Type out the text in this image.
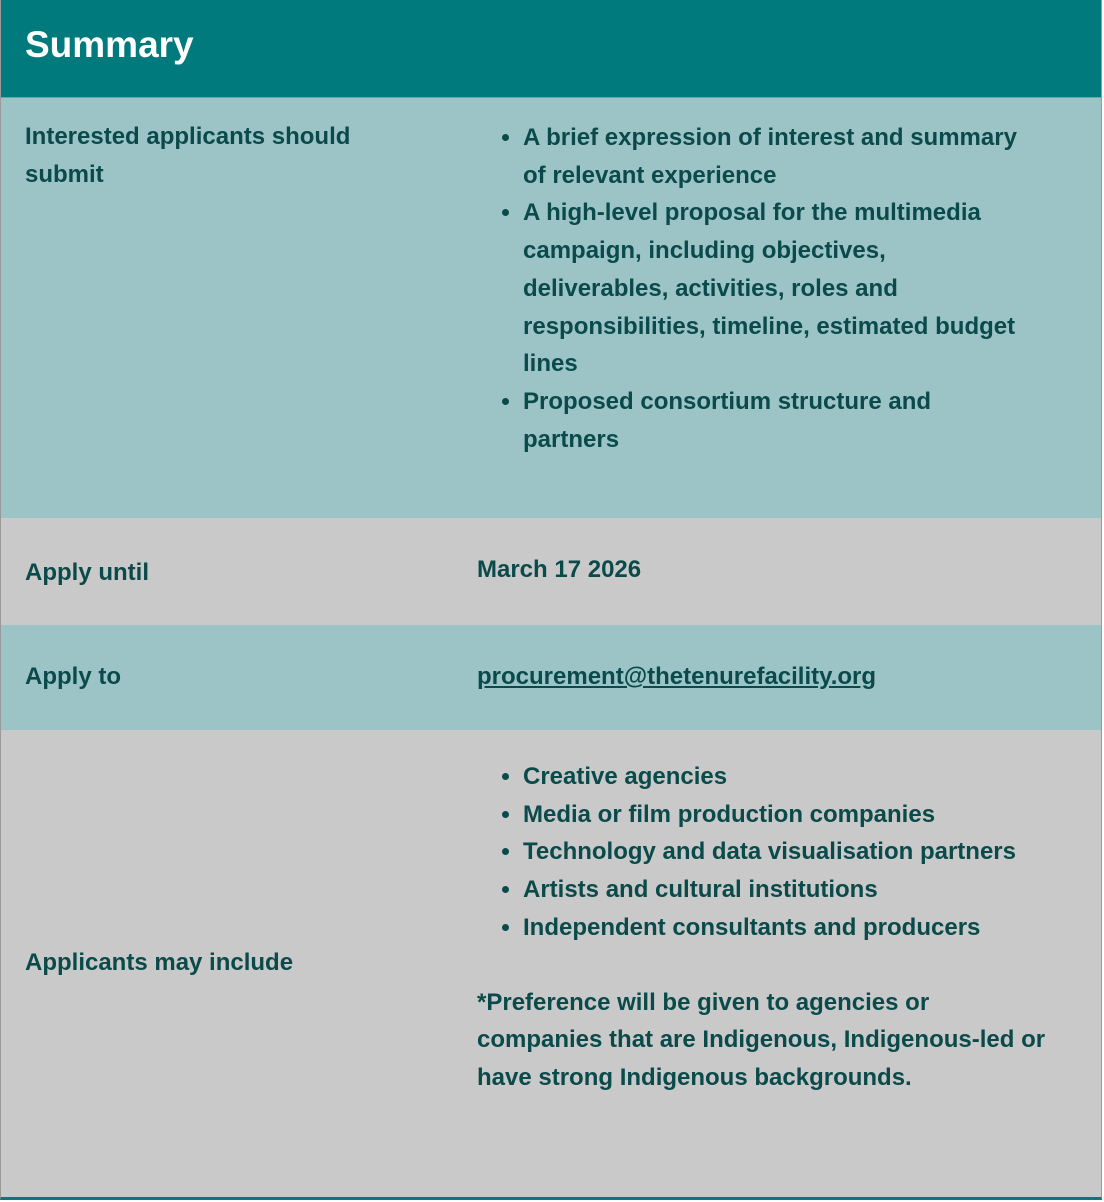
Summary
Interested applicants should submit
• A brief expression of interest and summary of relevant experience
• A high-level proposal for the multimedia campaign, including objectives, deliverables, activities, roles and responsibilities, timeline, estimated budget lines
• Proposed consortium structure and partners
Apply until	March 17 2026
Apply to	procurement@thetenurefacility.org
Applicants may include
• Creative agencies
• Media or film production companies
• Technology and data visualisation partners
• Artists and cultural institutions
• Independent consultants and producers
*Preference will be given to agencies or companies that are Indigenous, Indigenous-led or have strong Indigenous backgrounds.
